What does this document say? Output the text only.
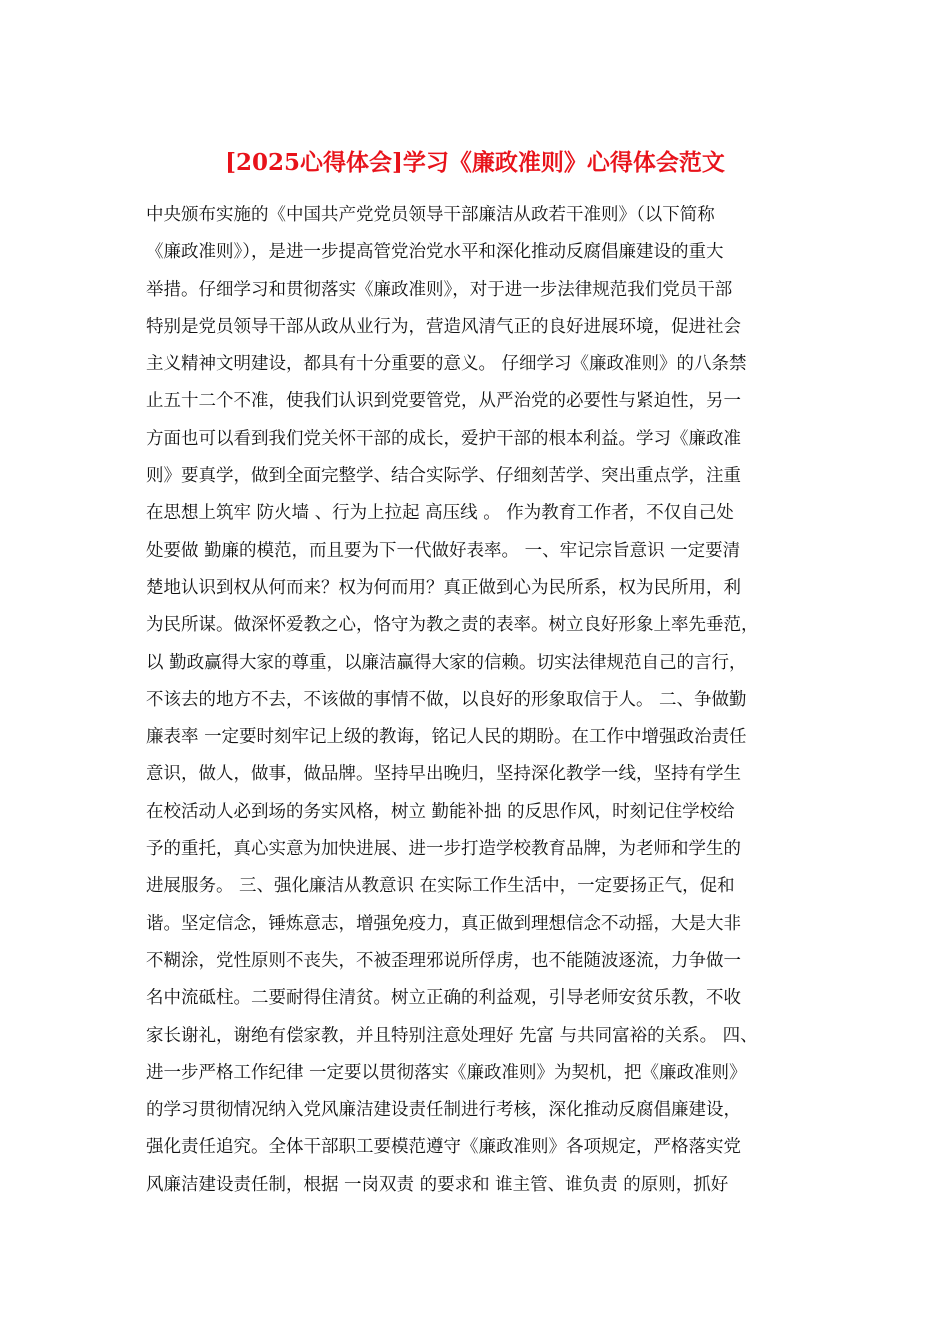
[2025心得体会]学习《廉政准则》心得体会范文
中央颁布实施的《中国共产党党员领导干部廉洁从政若干准则》（以下简称
《廉政准则》），是进一步提高管党治党水平和深化推动反腐倡廉建设的重大
举措。仔细学习和贯彻落实《廉政准则》，对于进一步法律规范我们党员干部
特别是党员领导干部从政从业行为，营造风清气正的良好进展环境，促进社会
主义精神文明建设，都具有十分重要的意义。 仔细学习《廉政准则》的八条禁
止五十二个不准，使我们认识到党要管党，从严治党的必要性与紧迫性，另一
方面也可以看到我们党关怀干部的成长，爱护干部的根本利益。学习《廉政准
则》要真学，做到全面完整学、结合实际学、仔细刻苦学、突出重点学，注重
在思想上筑牢 防火墙 、行为上拉起 高压线 。 作为教育工作者，不仅自己处
处要做 勤廉的模范，而且要为下一代做好表率。 一、牢记宗旨意识 一定要清
楚地认识到权从何而来？权为何而用？真正做到心为民所系，权为民所用，利
为民所谋。做深怀爱教之心，恪守为教之责的表率。树立良好形象上率先垂范，
以 勤政赢得大家的尊重，以廉洁赢得大家的信赖。切实法律规范自己的言行，
不该去的地方不去，不该做的事情不做，以良好的形象取信于人。 二、争做勤
廉表率 一定要时刻牢记上级的教诲，铭记人民的期盼。在工作中增强政治责任
意识，做人，做事，做品牌。坚持早出晚归，坚持深化教学一线，坚持有学生
在校活动人必到场的务实风格，树立 勤能补拙 的反思作风，时刻记住学校给
予的重托，真心实意为加快进展、进一步打造学校教育品牌，为老师和学生的
进展服务。 三、强化廉洁从教意识 在实际工作生活中，一定要扬正气，促和
谐。坚定信念，锤炼意志，增强免疫力，真正做到理想信念不动摇，大是大非
不糊涂，党性原则不丧失，不被歪理邪说所俘虏，也不能随波逐流，力争做一
名中流砥柱。二要耐得住清贫。树立正确的利益观，引导老师安贫乐教，不收
家长谢礼，谢绝有偿家教，并且特别注意处理好 先富 与共同富裕的关系。 四、
进一步严格工作纪律 一定要以贯彻落实《廉政准则》为契机，把《廉政准则》
的学习贯彻情况纳入党风廉洁建设责任制进行考核，深化推动反腐倡廉建设，
强化责任追究。全体干部职工要模范遵守《廉政准则》各项规定，严格落实党
风廉洁建设责任制，根据 一岗双责 的要求和 谁主管、谁负责 的原则，抓好
